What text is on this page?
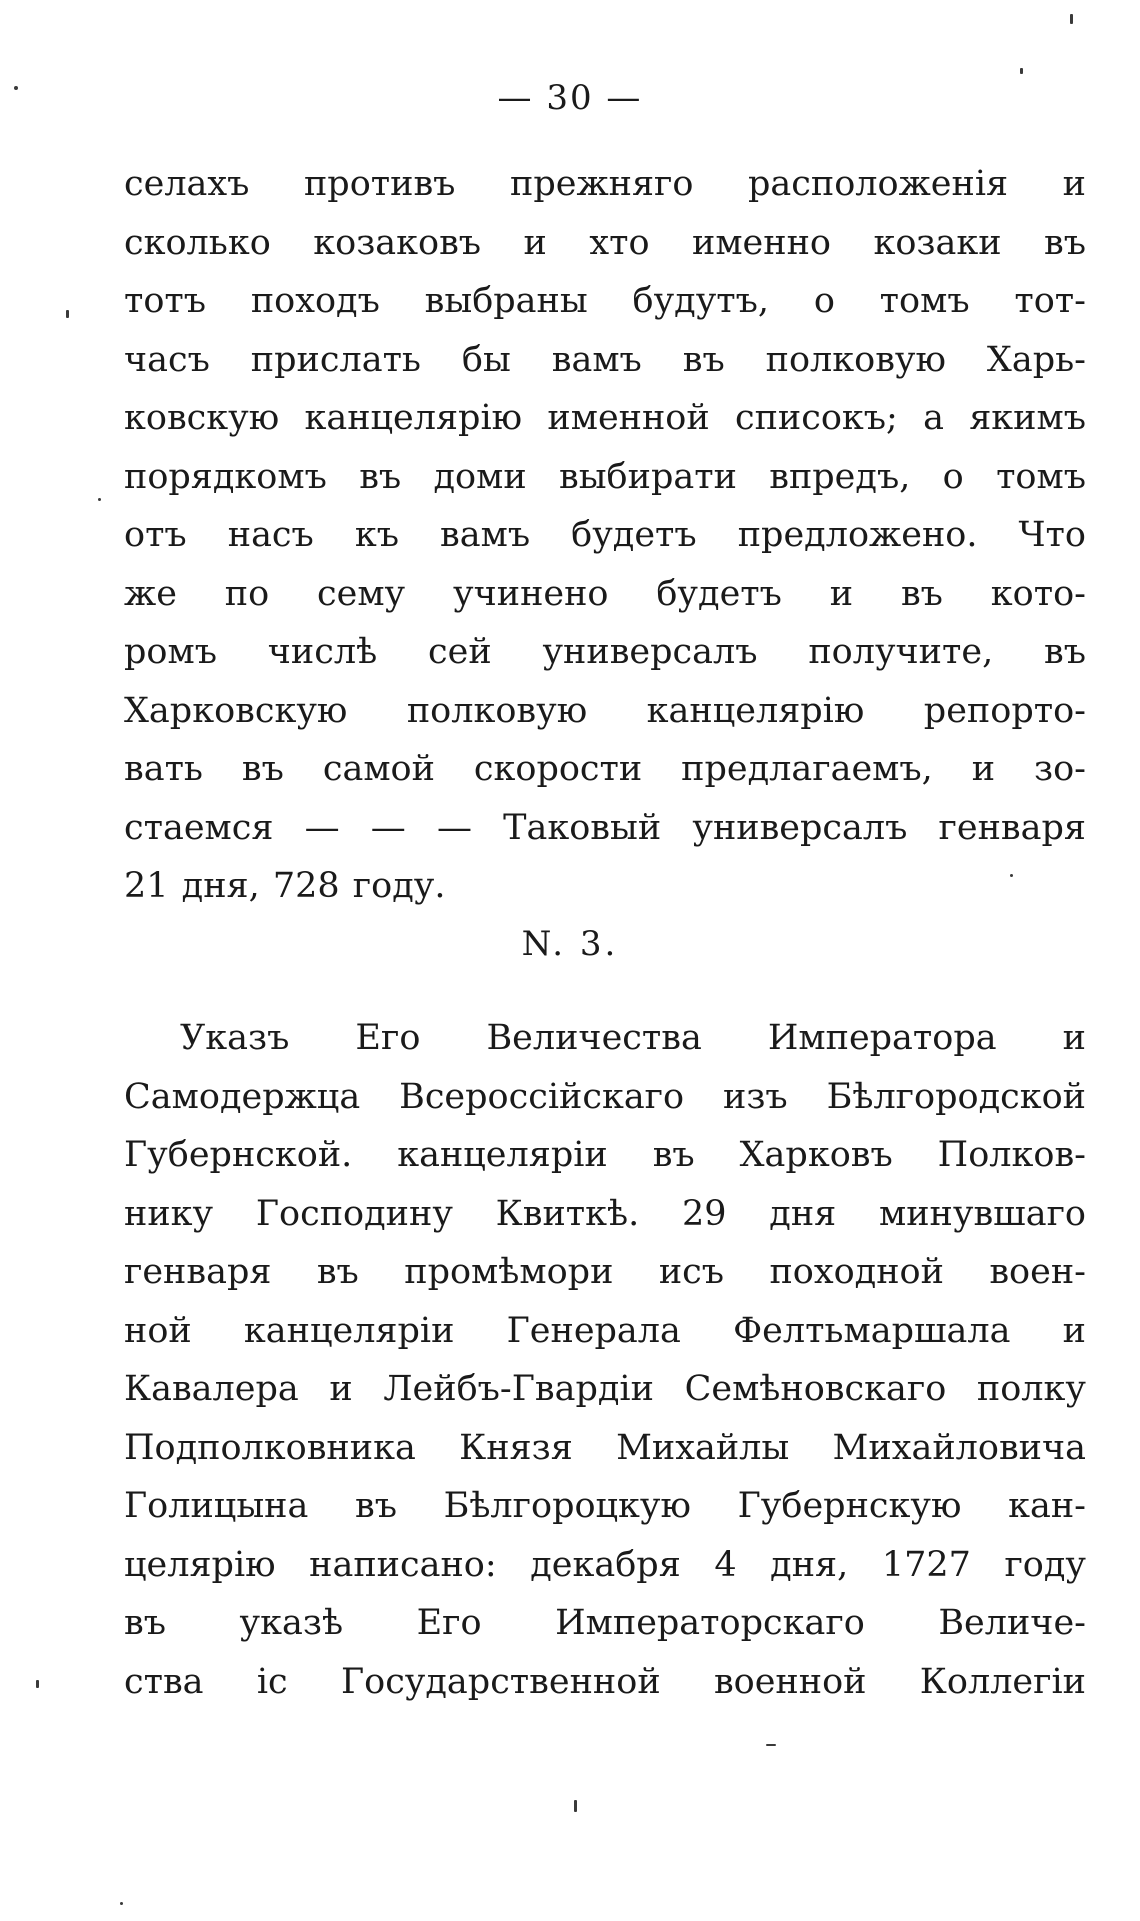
— 30 —
селахъ противъ прежняго расположенія и
сколько козаковъ и хто именно козаки въ
тотъ походъ выбраны будутъ, о томъ тот-
часъ прислать бы вамъ въ полковую Харь-
ковскую канцелярію именной списокъ; а якимъ
порядкомъ въ доми выбирати впредъ, о томъ
отъ насъ къ вамъ будетъ предложено. Что
же по сему учинено будетъ и въ кото-
ромъ числѣ сей универсалъ получите, въ
Харковскую полковую канцелярію репорто-
вать въ самой скорости предлагаемъ, и зо-
стаемся — — — Таковый универсалъ генваря
21 дня, 728 году.
N. 3.
Указъ Его Величества Императора и
Самодержца Всероссійскаго изъ Бѣлгородской
Губернской. канцеляріи въ Харковъ Полков-
нику Господину Квиткѣ. 29 дня минувшаго
генваря въ промѣмори исъ походной воен-
ной канцеляріи Генерала Фелтьмаршала и
Кавалера и Лейбъ-Гвардіи Семѣновскаго полку
Подполковника Князя Михайлы Михайловича
Голицына въ Бѣлгороцкую Губернскую кан-
целярію написано: декабря 4 дня, 1727 году
въ указѣ Его Императорскаго Величе-
ства іс Государственной военной Коллегіи
